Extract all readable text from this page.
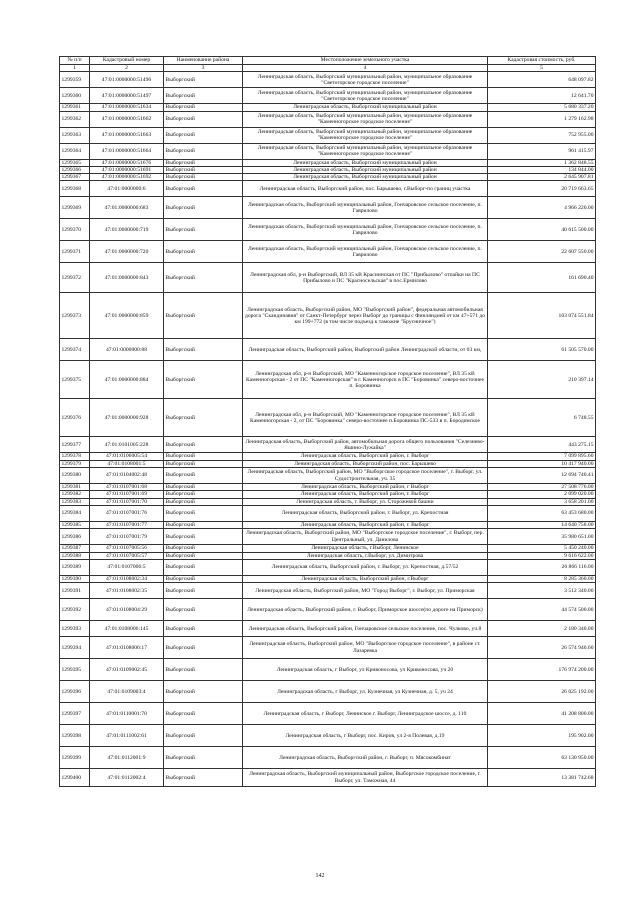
№ п/п	Кадастровый номер	Наименование района	Местоположение земельного участка	Кадастровая стоимость, руб.
1	2	3	4	5
1299359	47:01:0000000:51496	Выборгский	Ленинградская область, Выборгский муниципальный район, муниципальное образование "Светогорское городское поселение"	648 097.82
1299360	47:01:0000000:51497	Выборгский	Ленинградская область, Выборгский муниципальный район, муниципальное образование "Светогорское городское поселение"	12 641.70
1299361	47:01:0000000:51634	Выборгский	Ленинградская область, Выборгский муниципальный район	5 680 337.20
1299362	47:01:0000000:51662	Выборгский	Ленинградская область, Выборгский муниципальный район, муниципальное образование "Каменногорское городское поселение"	1 279 162.98
1299363	47:01:0000000:51663	Выборгский	Ленинградская область, Выборгский муниципальный район, муниципальное образование "Каменногорское городское поселение"	752 955.00
1299364	47:01:0000000:51664	Выборгский	Ленинградская область, Выборгский муниципальный район, муниципальное образование "Каменногорское городское поселение"	961 415.97
1299365	47:01:0000000:51676	Выборгский	Ленинградская область, Выборгский муниципальный район	1 362 848.55
1299366	47:01:0000000:51691	Выборгский	Ленинградская область, Выборгский муниципальный район	134 844.00
1299367	47:01:0000000:51692	Выборгский	Ленинградская область, Выборгский муниципальный район	2 645 907.81
1299368	47:01:0000000:6	Выборгский	Ленинградская область, Выборгский район, пос. Барышево, г.Выборг-по границ участка	20 719 663.65
1299369	47:01:0000000:683	Выборгский	Ленинградская область, Выборгский муниципальный район, Гончаровское сельское поселение, п. Гаврилово	4 966 220.00
1299370	47:01:0000000:719	Выборгский	Ленинградская область, Выборгский муниципальный район, Гончаровское сельское поселение, п. Гаврилово	40 615 500.00
1299371	47:01:0000000:720	Выборгский	Ленинградская область, Выборгский муниципальный район, Гончаровское сельское поселение, п. Гаврилово	22 607 550.00
1299372	47:01:0000000:843	Выборгский	Ленинградская обл, р-н Выборгский, ВЛ 35 кВ Краснинская от ПС "Прибылово" отпайки на ПС Прибылово и ПС "Красносельская" в пос.Ермилово	161 690.40
1299373	47:01:0000000:859	Выборгский	Ленинградская область, Выборгский район, МО "Выборгский район", федеральная автомобильная дорога "Скандинавия" от Санкт-Петербург через Выборг до границы с Финляндией от км 47+571 до км 199+772 (в том числе подъезд к таможне "Брусничное")	103 074 551.84
1299374	47:01:0000000:88	Выборгский	Ленинградская область, Выборгский район, Выборгский район Ленинградской области, от 03 км,	61 505 570.00
1299375	47:01:0000000:884	Выборгский	Ленинградская обл, р-н Выборгский, МО "Каменногорское городское поселение", ВЛ 35 кВ Каменногорская - 2 от ПС "Каменногорская" в г. Каменногорск в ПС "Боровинка" северо-восточнее п. Боровинка	210 397.14
1299376	47:01:0000000:928	Выборгский	Ленинградская обл, р-н Выборгский, МО "Каменногорское городское поселение", ВЛ 35 кВ Каменногорская - 2, от ПС "Боровинка" северо-восточнее п.Боровинка ПС-533 в п. Бородинское	6 748.55
1299377	47:01:0101005:228	Выборгский	Ленинградская область, Выборгский район, автомобильная дорога общего пользования "Селезнево-Яшино-Лужайка"	443 275.15
1299378	47:01:0106005:54	Выборгский	Ленинградская область, Выборгский район, г. Выборг	7 099 895.60
1299379	47:01:0108001:5	Выборгский	Ленинградская область, Выборгский район, пос. Барышево	10 417 940.00
1299380	47:01:0104002:48	Выборгский	Ленинградская область, Выборгский район, МО "Выборгское городское поселение", г. Выборг, ул. Судостроительная, уч. 35	12 694 740.41
1299381	47:01:0107001:68	Выборгский	Ленинградская область, Выборгский район, г Выборг	27 508 776.00
1299382	47:01:0107001:69	Выборгский	Ленинградская область, Выборгский район, г. Выборг	2 099 020.00
1299383	47:01:0107001:70	Выборгский	Ленинградская область, г. Выборг, ул. Сторожевой башни	3 658 201.00
1299384	47:01:0107001:76	Выборгский	Ленинградская область, Выборгский район, г. Выборг, ул. Крепостная	63 453 680.00
1299385	47:01:0107001:77	Выборгский	Ленинградская область, Выборгский район, г. Выборг	14 640 758.00
1299386	47:01:0107001:79	Выборгский	Ленинградская область, Выборгский район, МО "Выборгское городское поселение", г. Выборг, пер. Центральный, ул. Данилова	35 980 651.00
1299387	47:01:0107005:56	Выборгский	Ленинградская область, г.Выборг, Ленинское	5 450 240.00
1299388	47:01:0107005:57	Выборгский	Ленинградская область, г.Выборг, ул. Димитрова	9 616 622.00
1299389	47:01:0107006:5	Выборгский	Ленинградская область, Выборгский район, г. Выборг, ул. Крепостная, д.57/52	26 866 116.00
1299390	47:01:0108002:34	Выборгский	Ленинградская область, Выборгский район, г.Выборг	8 285 360.00
1299391	47:01:0108002:35	Выборгский	Ленинградская область, Выборгский район, МО "Город Выборг", г. Выборг, ул. Приморская	3 512 340.00
1299392	47:01:0108004:29	Выборгский	Ленинградская область, Выборгский район, г. Выборг, Приморское шоссе(по дороге на Приморск)	44 574 500.00
1299393	47:01:0108006:145	Выборгский	Ленинградская область, Выборгский район, Гончаровское сельское поселение, пос. Чулково, уч.8	2 180 340.00
1299394	47:01:0108006:17	Выборгский	Ленинградская область, Выборгский район, МО "Выборгское городское поселение", в районе ст. Лазаревка	26 574 940.60
1299395	47:01:0109002:45	Выборгский	Ленинградская область, г Выборг, ул Кривоносова, ул Кривоносова, уч 20	176 974 200.00
1299396	47:01:0109003:4	Выборгский	Ленинградская область, г Выборг, ул. Кузнечная, ул Кузнечная, д. 5, уч 24	26 025 192.00
1299397	47:01:0110001:70	Выборгский	Ленинградская область, г Выборг, Ленинское г. Выборг, Ленинградское шоссе, д. 110	41 208 800.00
1299398	47:01:0111002:61	Выборгский	Ленинградская область, г Выборг, пос. Киров, ул 2-я Полевая, д.19	195 902.00
1299399	47:01:0112001:9	Выборгский	Ленинградская область, Выборгский район, г. Выборг, п. Мясокомбинат	63 130 950.00
1299400	47:01:0112002:4	Выборгский	Ленинградская область, Выборгский муниципальный район, Выборгское городское поселение, г. Выборг, ул. Таможная, 44	13 381 742.68
142
